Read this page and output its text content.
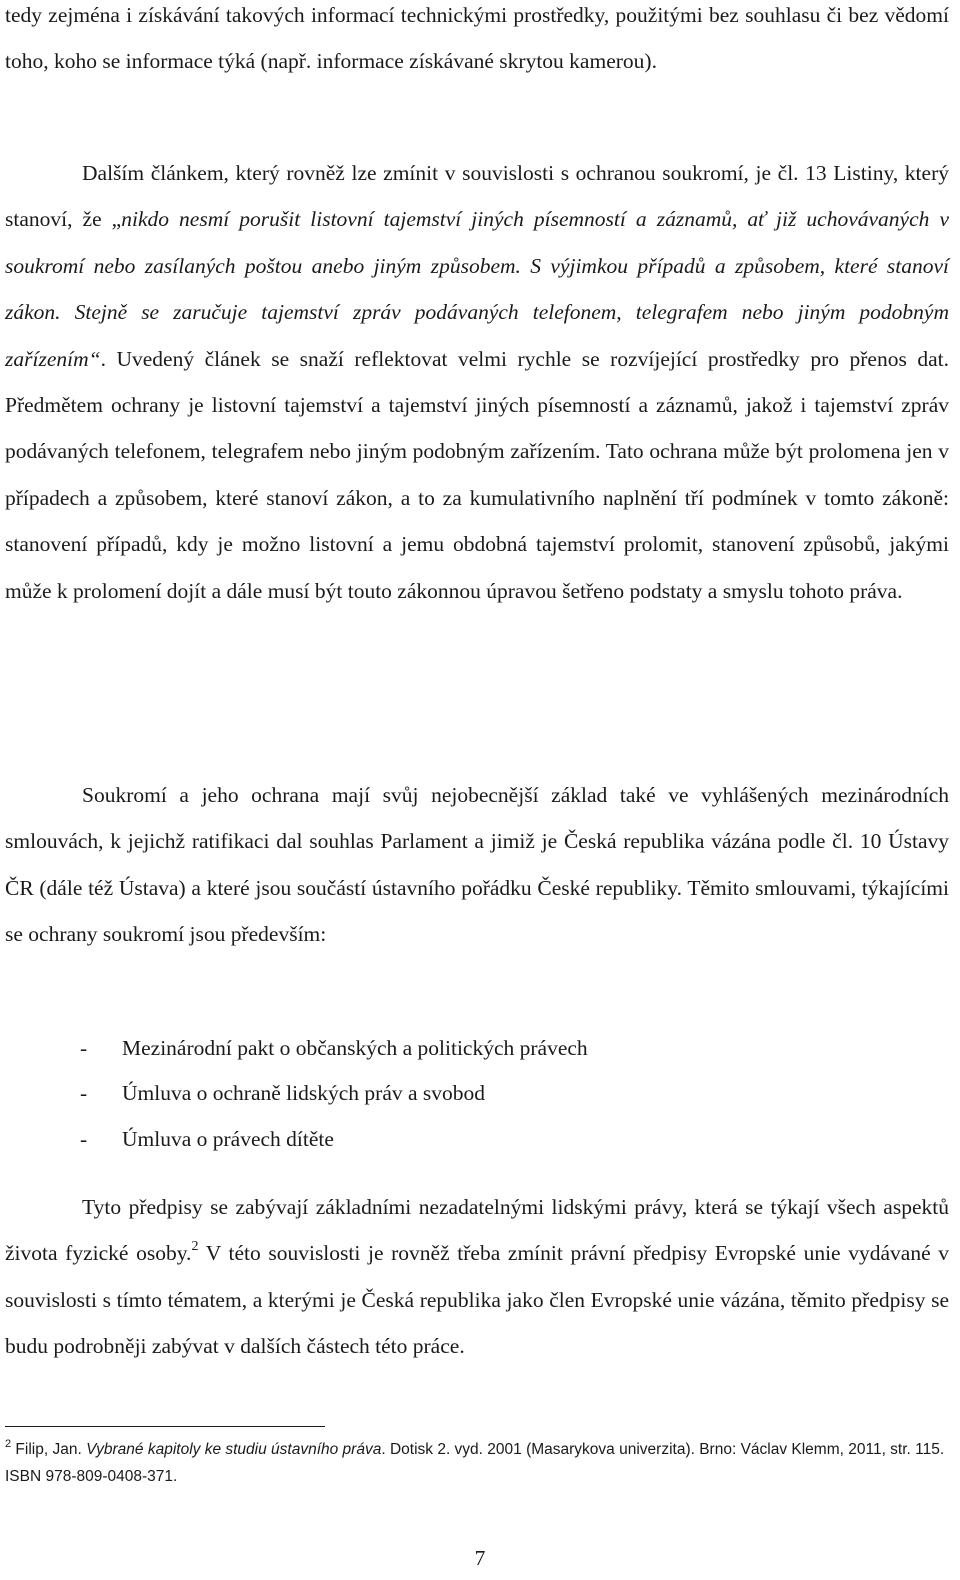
tedy zejména i získávání takových informací technickými prostředky, použitými bez souhlasu či bez vědomí toho, koho se informace týká (např. informace získávané skrytou kamerou).

Dalším článkem, který rovněž lze zmínit v souvislosti s ochranou soukromí, je čl. 13 Listiny, který stanoví, že „nikdo nesmí porušit listovní tajemství jiných písemností a záznamů, ať již uchovávaných v soukromí nebo zasílaných poštou anebo jiným způsobem. S výjimkou případů a způsobem, které stanoví zákon. Stejně se zaručuje tajemství zpráv podávaných telefonem, telegrafem nebo jiným podobným zařízením“. Uvedený článek se snaží reflektovat velmi rychle se rozvíjející prostředky pro přenos dat. Předmětem ochrany je listovní tajemství a tajemství jiných písemností a záznamů, jakož i tajemství zpráv podávaných telefonem, telegrafem nebo jiným podobným zařízením. Tato ochrana může být prolomena jen v případech a způsobem, které stanoví zákon, a to za kumulativního naplnění tří podmínek v tomto zákoně: stanovení případů, kdy je možno listovní a jemu obdobná tajemství prolomit, stanovení způsobů, jakými může k prolomení dojít a dále musí být touto zákonnou úpravou šetřeno podstaty a smyslu tohoto práva.

Soukromí a jeho ochrana mají svůj nejobecnější základ také ve vyhlášených mezinárodních smlouvách, k jejichž ratifikaci dal souhlas Parlament a jimiž je Česká republika vázána podle čl. 10 Ústavy ČR (dále též Ústava) a které jsou součástí ústavního pořádku České republiky. Těmito smlouvami, týkajícími se ochrany soukromí jsou především:

- Mezinárodní pakt o občanských a politických právech
- Úmluva o ochraně lidských práv a svobod
- Úmluva o právech dítěte

Tyto předpisy se zabývají základními nezadatelnými lidskými právy, která se týkají všech aspektů života fyzické osoby.$^2$ V této souvislosti je rovněž třeba zmínit právní předpisy Evropské unie vydávané v souvislosti s tímto tématem, a kterými je Česká republika jako člen Evropské unie vázána, těmito předpisy se budu podrobněji zabývat v dalších částech této práce.

$^2$ Filip, Jan. Vybrané kapitoly ke studiu ústavního práva. Dotisk 2. vyd. 2001 (Masarykova univerzita). Brno: Václav Klemm, 2011, str. 115. ISBN 978-809-0408-371.

7
